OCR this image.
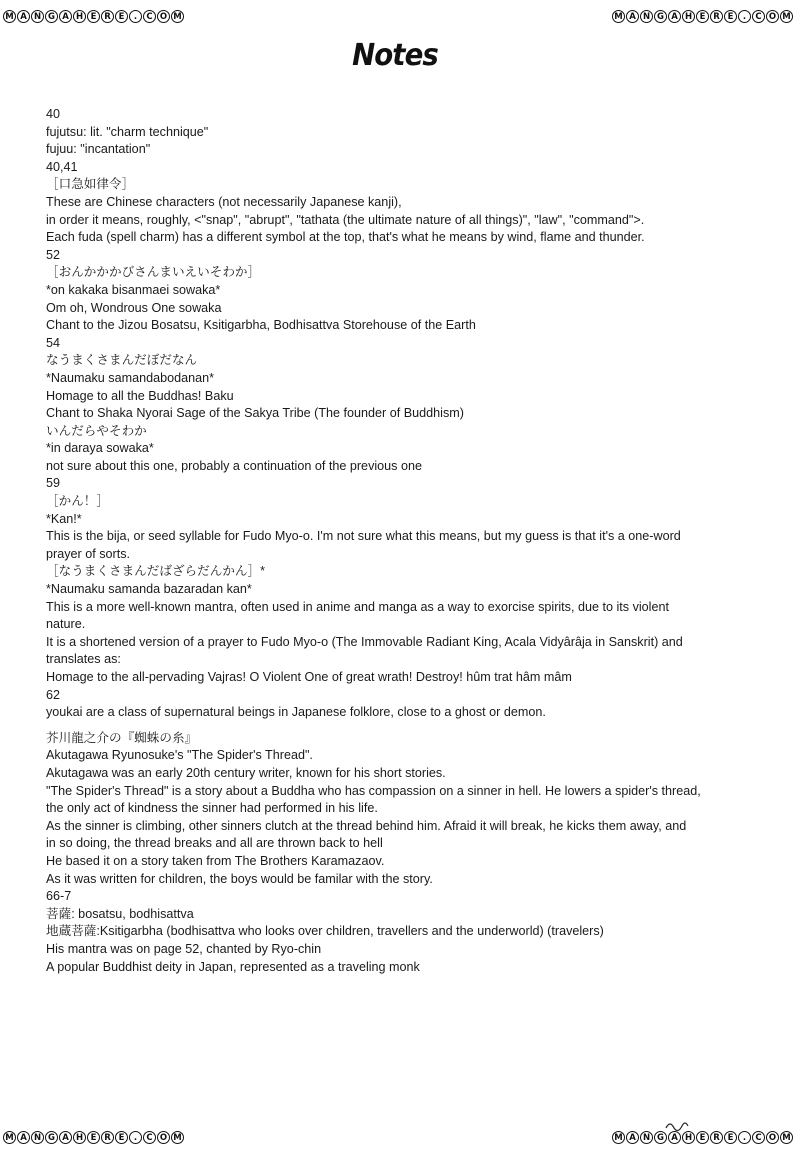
M A N G A H E R E	.	C O M	M A N G A H E R E	.	C O M
M A N G A H E R E	.	C O M	M A N G A H E R E	.	C O M
Notes
40
fujutsu: lit. "charm technique"
fujuu: "incantation"
40,41
［口急如律令］
These are Chinese characters (not necessarily Japanese kanji),
in order it means, roughly, <"snap", "abrupt", "tathata (the ultimate nature of all things)", "law", "command">.
Each fuda (spell charm) has a different symbol at the top, that's what he means by wind, flame and thunder.
52
［おんかかかびさんまいえいそわか］
*on kakaka bisanmaei sowaka*
Om oh, Wondrous One sowaka
Chant to the Jizou Bosatsu, Ksitigarbha, Bodhisattva Storehouse of the Earth
54
なうまくさまんだぼだなん
*Naumaku samandabodanan*
Homage to all the Buddhas! Baku
Chant to Shaka Nyorai Sage of the Sakya Tribe (The founder of Buddhism)
いんだらやそわか
*in daraya sowaka*
not sure about this one, probably a continuation of the previous one
59
［かん！］
*Kan!*
This is the bija, or seed syllable for Fudo Myo-o. I'm not sure what this means, but my guess is that it's a one-word
prayer of sorts.
［なうまくさまんだばざらだんかん］*
*Naumaku samanda bazaradan kan*
This is a more well-known mantra, often used in anime and manga as a way to exorcise spirits, due to its violent
nature.
It is a shortened version of a prayer to Fudo Myo-o (The Immovable Radiant King, Acala Vidyârâja in Sanskrit) and
translates as:
Homage to the all-pervading Vajras! O Violent One of great wrath! Destroy! hûm trat hâm mâm
62
youkai are a class of supernatural beings in Japanese folklore, close to a ghost or demon.
芥川龍之介の『蜘蛛の糸』
Akutagawa Ryunosuke's "The Spider's Thread".
Akutagawa was an early 20th century writer, known for his short stories.
"The Spider's Thread" is a story about a Buddha who has compassion on a sinner in hell. He lowers a spider's thread,
the only act of kindness the sinner had performed in his life.
As the sinner is climbing, other sinners clutch at the thread behind him. Afraid it will break, he kicks them away, and
in so doing, the thread breaks and all are thrown back to hell
He based it on a story taken from The Brothers Karamazaov.
As it was written for children, the boys would be familar with the story.
66-7
菩薩: bosatsu, bodhisattva
地蔵菩薩:Ksitigarbha (bodhisattva who looks over children, travellers and the underworld) (travelers)
His mantra was on page 52, chanted by Ryo-chin
A popular Buddhist deity in Japan, represented as a traveling monk
